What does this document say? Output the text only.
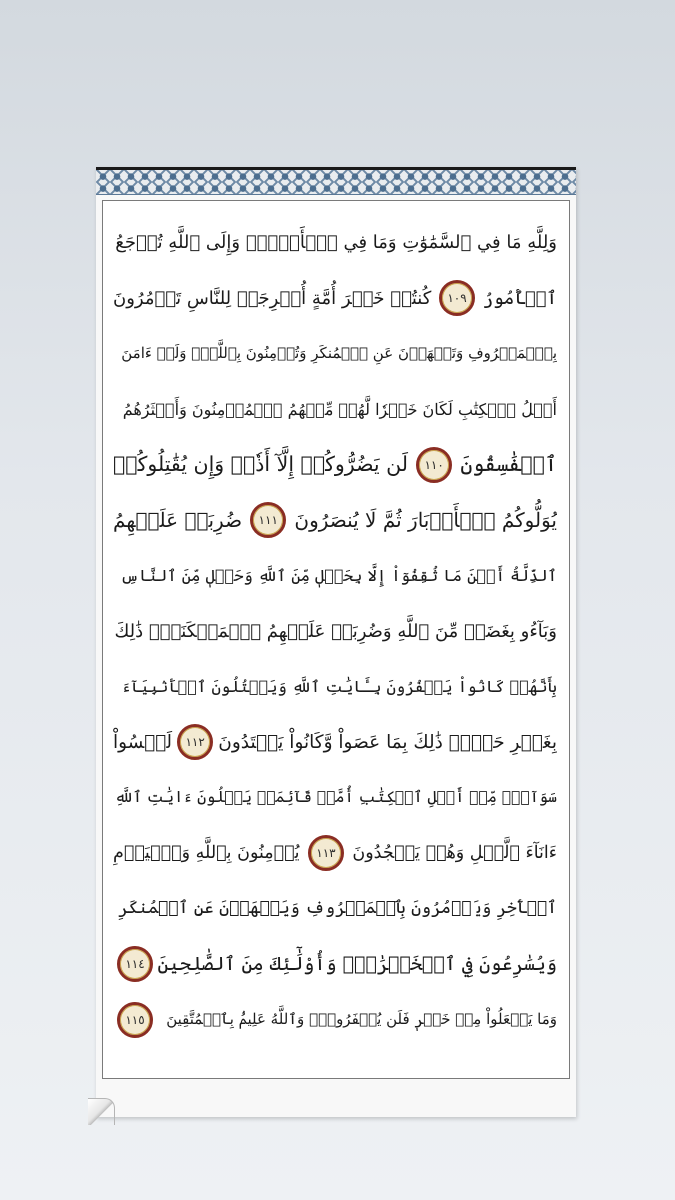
وَلِلَّهِ مَا فِي ٱلسَّمَٰوَٰتِ وَمَا فِي ٱلۡأَرۡضِۚ وَإِلَى ٱللَّهِ تُرۡجَعُ
ٱلۡأُمُورُ
١٠٩
كُنتُمۡ خَيۡرَ أُمَّةٍ أُخۡرِجَتۡ لِلنَّاسِ تَأۡمُرُونَ
بِٱلۡمَعۡرُوفِ وَتَنۡهَوۡنَ عَنِ ٱلۡمُنكَرِ وَتُؤۡمِنُونَ بِٱللَّهِۗ وَلَوۡ ءَامَنَ
أَهۡلُ ٱلۡكِتَٰبِ لَكَانَ خَيۡرٗا لَّهُمۚ مِّنۡهُمُ ٱلۡمُؤۡمِنُونَ وَأَكۡثَرُهُمُ
ٱلۡفَٰسِقُونَ
١١٠
لَن يَضُرُّوكُمۡ إِلَّآ أَذٗىۖ وَإِن يُقَٰتِلُوكُمۡ
يُوَلُّوكُمُ ٱلۡأَدۡبَارَ ثُمَّ لَا يُنصَرُونَ
١١١
ضُرِبَتۡ عَلَيۡهِمُ
ٱلذِّلَّةُ أَيۡنَ مَا ثُقِفُوٓاْ إِلَّا بِحَبۡلٖ مِّنَ ٱللَّهِ وَحَبۡلٖ مِّنَ ٱلنَّاسِ
وَبَآءُو بِغَضَبٖ مِّنَ ٱللَّهِ وَضُرِبَتۡ عَلَيۡهِمُ ٱلۡمَسۡكَنَةُۚ ذَٰلِكَ
بِأَنَّهُمۡ كَانُواْ يَكۡفُرُونَ بِـَٔايَٰتِ ٱللَّهِ وَيَقۡتُلُونَ ٱلۡأَنۢبِيَآءَ
بِغَيۡرِ حَقّٖۚ ذَٰلِكَ بِمَا عَصَواْ وَّكَانُواْ يَعۡتَدُونَ
١١٢
لَيۡسُواْ
سَوَآءٗۗ مِّنۡ أَهۡلِ ٱلۡكِتَٰبِ أُمَّةٞ قَآئِمَةٞ يَتۡلُونَ ءَايَٰتِ ٱللَّهِ
ءَانَآءَ ٱلَّيۡلِ وَهُمۡ يَسۡجُدُونَ
١١٣
يُؤۡمِنُونَ بِٱللَّهِ وَٱلۡيَوۡمِ
ٱلۡأٓخِرِ وَيَأۡمُرُونَ بِٱلۡمَعۡرُوفِ وَيَنۡهَوۡنَ عَنِ ٱلۡمُنكَرِ
وَيُسَٰرِعُونَ فِي ٱلۡخَيۡرَٰتِۖ وَأُوْلَٰٓئِكَ مِنَ ٱلصَّٰلِحِينَ
١١٤
وَمَا يَفۡعَلُواْ مِنۡ خَيۡرٖ فَلَن يُكۡفَرُوهُۗ وَٱللَّهُ عَلِيمُۢ بِٱلۡمُتَّقِينَ
١١٥
